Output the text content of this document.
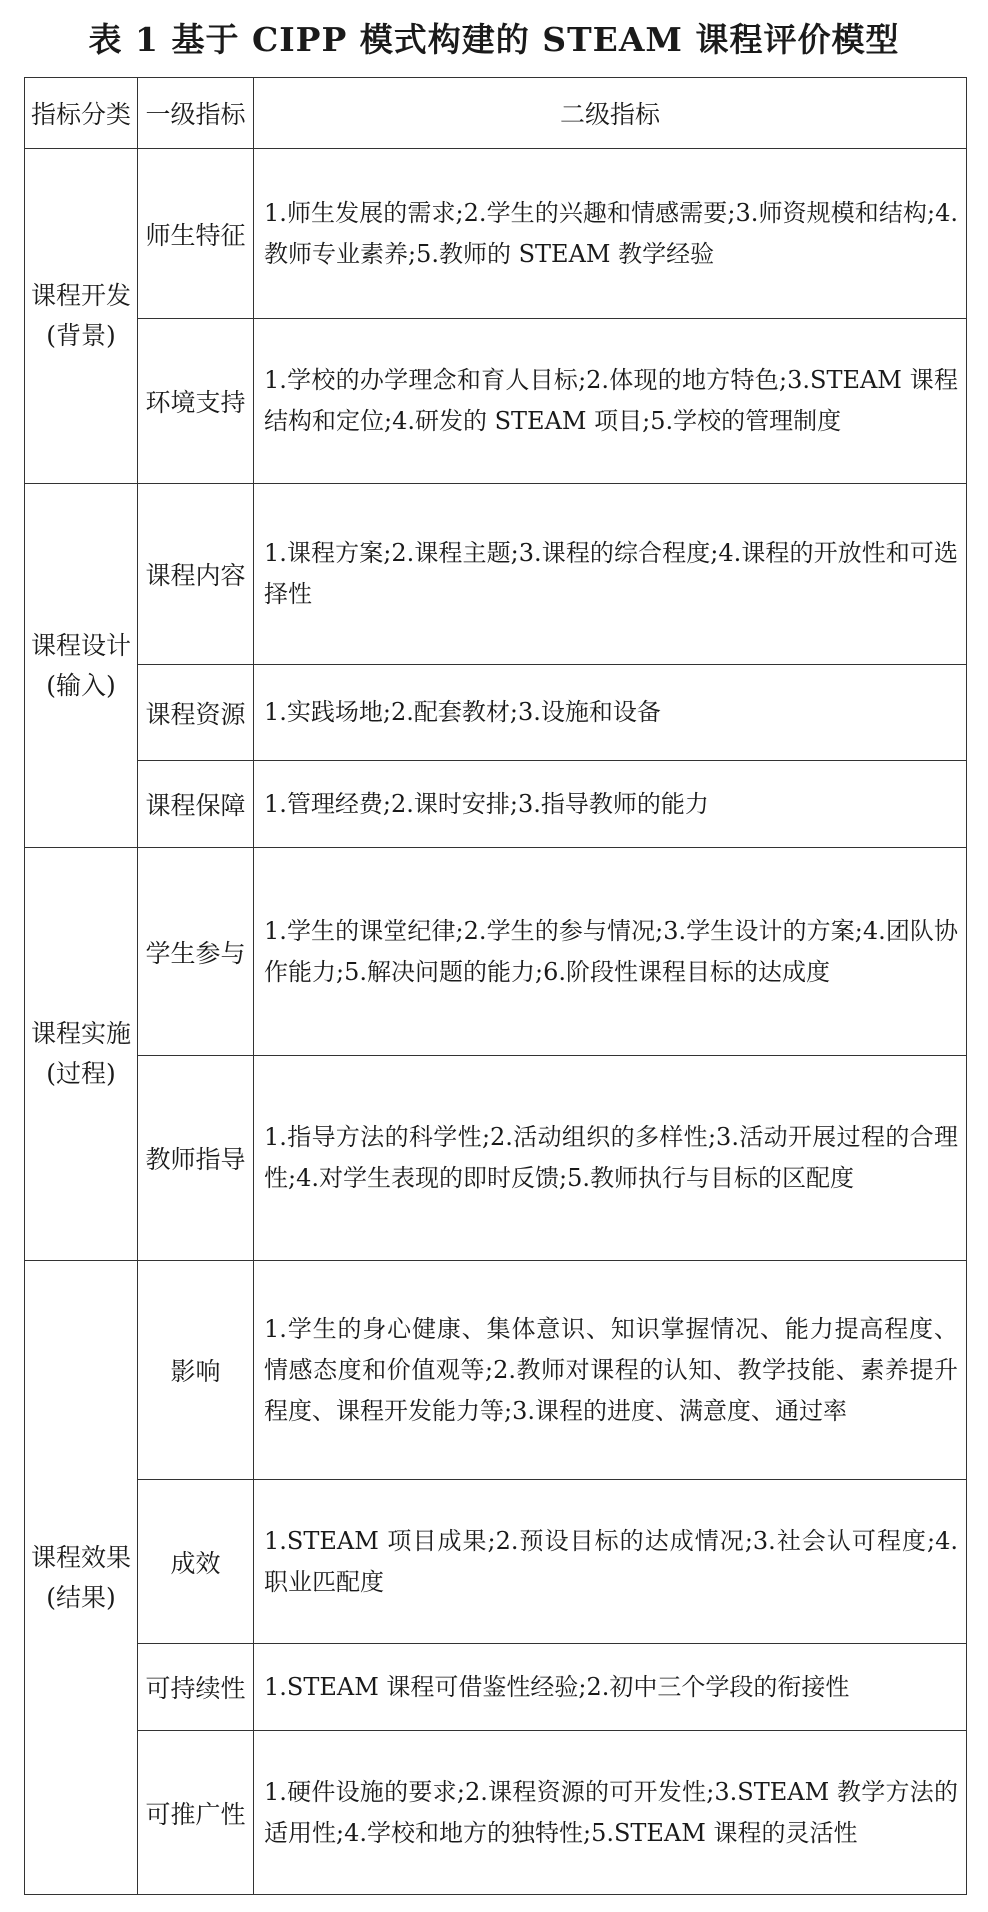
表 1 基于 CIPP 模式构建的 STEAM 课程评价模型
指标分类	一级指标	二级指标

课程开发
(背景)	师生特征	1.师生发展的需求;2.学生的兴趣和情感需要;3.师资规模和结构;4.教师专业素养;5.教师的 STEAM 教学经验
	环境支持	1.学校的办学理念和育人目标;2.体现的地方特色;3.STEAM 课程结构和定位;4.研发的 STEAM 项目;5.学校的管理制度

课程设计
(输入)	课程内容	1.课程方案;2.课程主题;3.课程的综合程度;4.课程的开放性和可选择性
	课程资源	1.实践场地;2.配套教材;3.设施和设备
	课程保障	1.管理经费;2.课时安排;3.指导教师的能力

课程实施
(过程)	学生参与	1.学生的课堂纪律;2.学生的参与情况;3.学生设计的方案;4.团队协作能力;5.解决问题的能力;6.阶段性课程目标的达成度
	教师指导	1.指导方法的科学性;2.活动组织的多样性;3.活动开展过程的合理性;4.对学生表现的即时反馈;5.教师执行与目标的区配度

课程效果
(结果)	影响	1.学生的身心健康、集体意识、知识掌握情况、能力提高程度、情感态度和价值观等;2.教师对课程的认知、教学技能、素养提升程度、课程开发能力等;3.课程的进度、满意度、通过率
	成效	1.STEAM 项目成果;2.预设目标的达成情况;3.社会认可程度;4.职业匹配度
	可持续性	1.STEAM 课程可借鉴性经验;2.初中三个学段的衔接性
	可推广性	1.硬件设施的要求;2.课程资源的可开发性;3.STEAM 教学方法的适用性;4.学校和地方的独特性;5.STEAM 课程的灵活性
